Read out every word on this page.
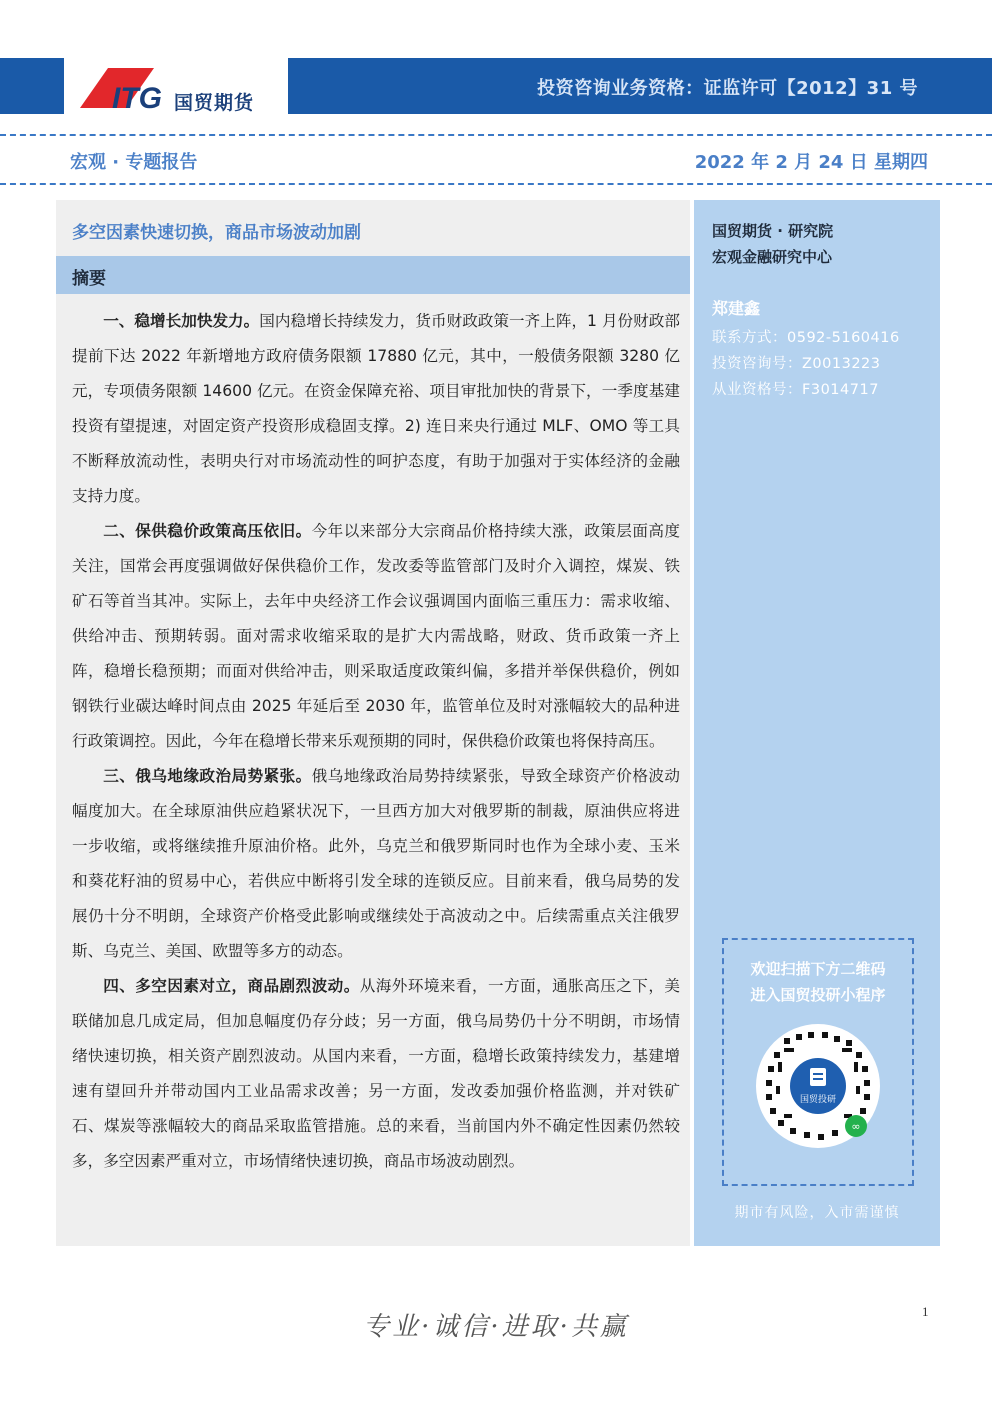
ITG 国贸期货
投资咨询业务资格：证监许可【2012】31 号
宏观 · 专题报告	2022 年 2 月 24 日 星期四
多空因素快速切换，商品市场波动加剧
摘要

一、稳增长加快发力。国内稳增长持续发力，货币财政政策一齐上阵，1 月份财政部提前下达 2022 年新增地方政府债务限额 17880 亿元，其中，一般债务限额 3280 亿元，专项债务限额 14600 亿元。在资金保障充裕、项目审批加快的背景下，一季度基建投资有望提速，对固定资产投资形成稳固支撑。2) 连日来央行通过 MLF、OMO 等工具不断释放流动性，表明央行对市场流动性的呵护态度，有助于加强对于实体经济的金融支持力度。

二、保供稳价政策高压依旧。今年以来部分大宗商品价格持续大涨，政策层面高度关注，国常会再度强调做好保供稳价工作，发改委等监管部门及时介入调控，煤炭、铁矿石等首当其冲。实际上，去年中央经济工作会议强调国内面临三重压力：需求收缩、供给冲击、预期转弱。面对需求收缩采取的是扩大内需战略，财政、货币政策一齐上阵，稳增长稳预期；而面对供给冲击，则采取适度政策纠偏，多措并举保供稳价，例如钢铁行业碳达峰时间点由 2025 年延后至 2030 年，监管单位及时对涨幅较大的品种进行政策调控。因此，今年在稳增长带来乐观预期的同时，保供稳价政策也将保持高压。

三、俄乌地缘政治局势紧张。俄乌地缘政治局势持续紧张，导致全球资产价格波动幅度加大。在全球原油供应趋紧状况下，一旦西方加大对俄罗斯的制裁，原油供应将进一步收缩，或将继续推升原油价格。此外，乌克兰和俄罗斯同时也作为全球小麦、玉米和葵花籽油的贸易中心，若供应中断将引发全球的连锁反应。目前来看，俄乌局势的发展仍十分不明朗，全球资产价格受此影响或继续处于高波动之中。后续需重点关注俄罗斯、乌克兰、美国、欧盟等多方的动态。

四、多空因素对立，商品剧烈波动。从海外环境来看，一方面，通胀高压之下，美联储加息几成定局，但加息幅度仍存分歧；另一方面，俄乌局势仍十分不明朗，市场情绪快速切换，相关资产剧烈波动。从国内来看，一方面，稳增长政策持续发力，基建增速有望回升并带动国内工业品需求改善；另一方面，发改委加强价格监测，并对铁矿石、煤炭等涨幅较大的商品采取监管措施。总的来看，当前国内外不确定性因素仍然较多，多空因素严重对立，市场情绪快速切换，商品市场波动剧烈。

国贸期货 · 研究院
宏观金融研究中心
郑建鑫
联系方式：0592-5160416
投资咨询号：Z0013223
从业资格号：F3014717
欢迎扫描下方二维码
进入国贸投研小程序
国贸投研
∞
期市有风险，入市需谨慎
专业·诚信·进取·共赢
1
